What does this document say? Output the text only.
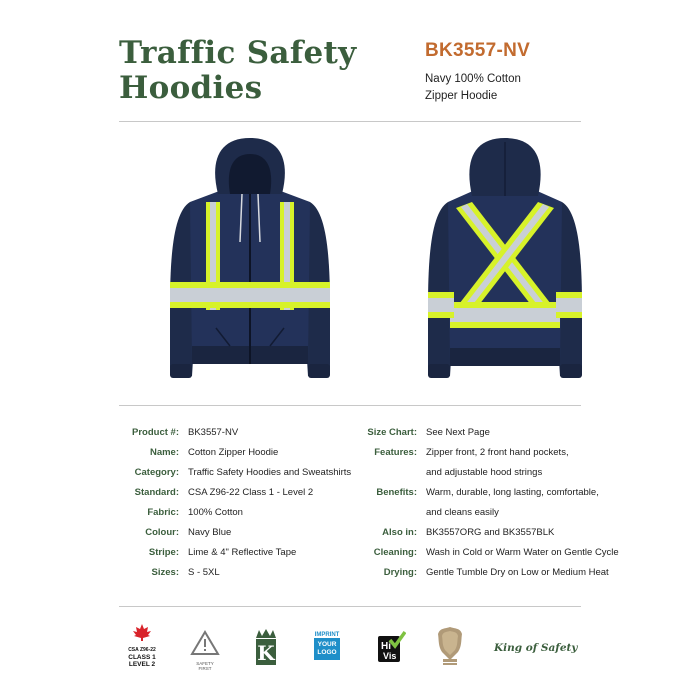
Traffic Safety
Hoodies
BK3557-NV
Navy 100% Cotton
Zipper Hoodie
Product #: BK3557-NV
Name: Cotton Zipper Hoodie
Category: Traffic Safety Hoodies and Sweatshirts
Standard: CSA Z96-22 Class 1 - Level 2
Fabric: 100% Cotton
Colour: Navy Blue
Stripe: Lime & 4" Reflective Tape
Sizes: S - 5XL
Size Chart: See Next Page
Features: Zipper front, 2 front hand pockets,
and adjustable hood strings
Benefits: Warm, durable, long lasting, comfortable,
and cleans easily
Also in: BK3557ORG and BK3557BLK
Cleaning: Wash in Cold or Warm Water on Gentle Cycle
Drying: Gentle Tumble Dry on Low or Medium Heat
CSA Z96-22
CLASS 1
LEVEL 2	SAFETY FIRST
K
IMPRINT
YOUR
LOGO
Hi
Vis
King of Safety
